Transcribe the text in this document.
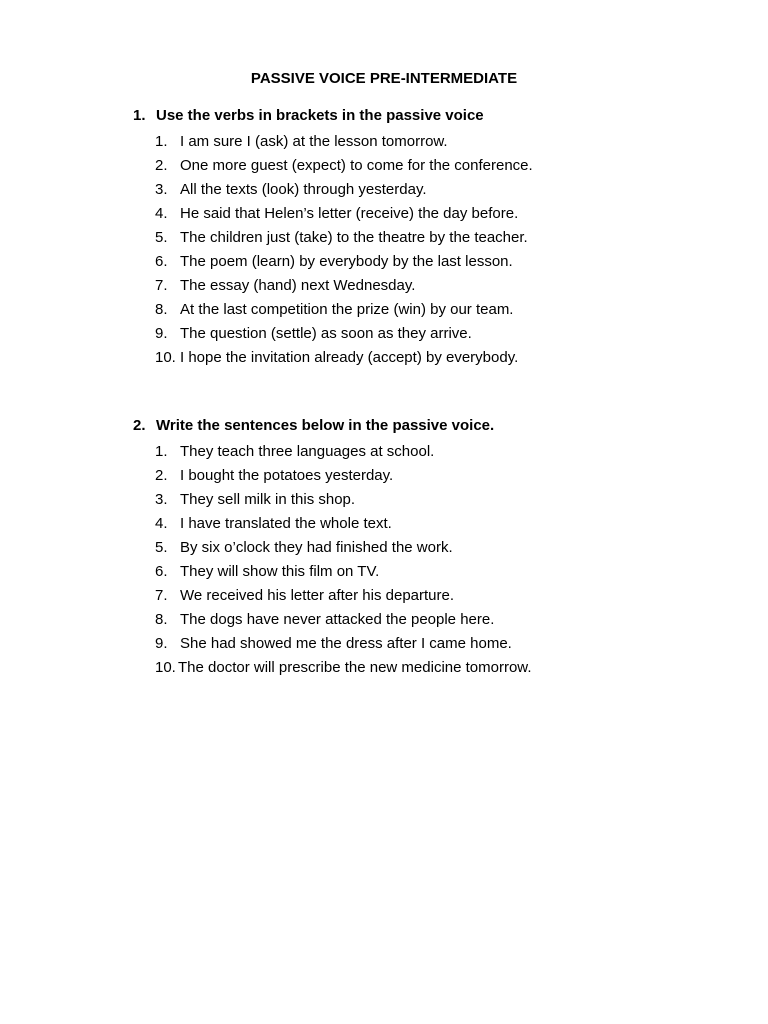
PASSIVE VOICE PRE-INTERMEDIATE
1. Use the verbs in brackets in the passive voice
1. I am sure I (ask) at the lesson tomorrow.
2. One more guest (expect) to come for the conference.
3. All the texts (look) through yesterday.
4. He said that Helen’s letter (receive) the day before.
5. The children just (take) to the theatre by the teacher.
6. The poem (learn) by everybody by the last lesson.
7. The essay (hand) next Wednesday.
8. At the last competition the prize (win) by our team.
9. The question (settle) as soon as they arrive.
10. I hope the invitation already (accept) by everybody.
2. Write the sentences below in the passive voice.
1. They teach three languages at school.
2. I bought the potatoes yesterday.
3. They sell milk in this shop.
4. I have translated the whole text.
5. By six o’clock they had finished the work.
6. They will show this film on TV.
7. We received his letter after his departure.
8. The dogs have never attacked the people here.
9. She had showed me the dress after I came home.
10. The doctor will prescribe the new medicine tomorrow.
